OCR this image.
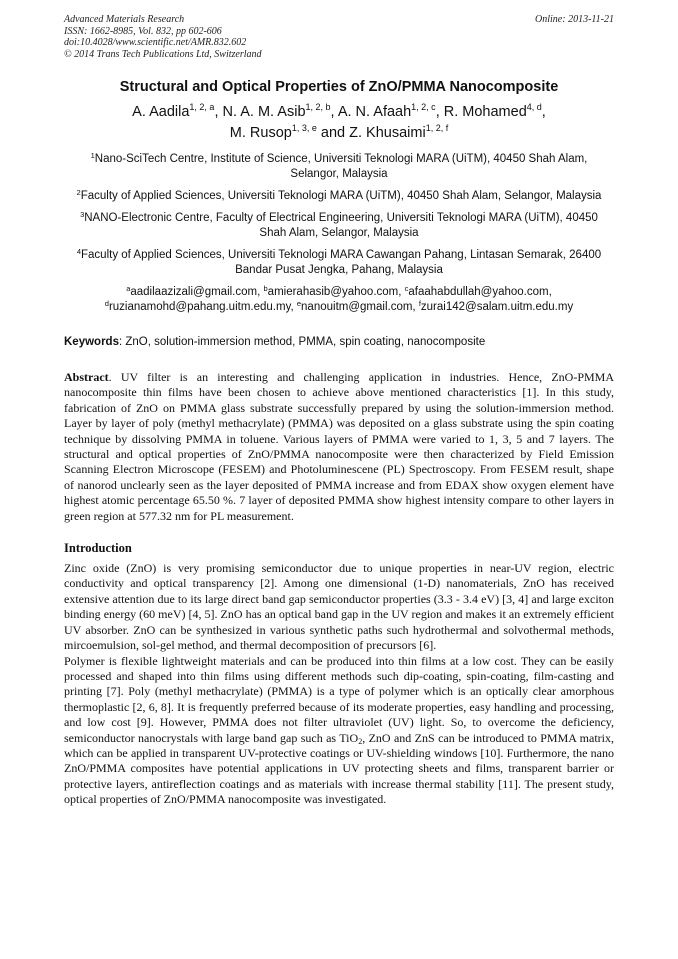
Advanced Materials Research
ISSN: 1662-8985, Vol. 832, pp 602-606
doi:10.4028/www.scientific.net/AMR.832.602
© 2014 Trans Tech Publications Ltd, Switzerland
Online: 2013-11-21
Structural and Optical Properties of ZnO/PMMA Nanocomposite
A. Aadila$^{1, 2, a}$, N. A. M. Asib$^{1, 2, b}$, A. N. Afaah$^{1, 2, c}$, R. Mohamed$^{4, d}$,
M. Rusop$^{1, 3, e}$ and Z. Khusaimi$^{1, 2, f}$
$^1$Nano-SciTech Centre, Institute of Science, Universiti Teknologi MARA (UiTM), 40450 Shah Alam, Selangor, Malaysia
$^2$Faculty of Applied Sciences, Universiti Teknologi MARA (UiTM), 40450 Shah Alam, Selangor, Malaysia
$^3$NANO-Electronic Centre, Faculty of Electrical Engineering, Universiti Teknologi MARA (UiTM), 40450 Shah Alam, Selangor, Malaysia
$^4$Faculty of Applied Sciences, Universiti Teknologi MARA Cawangan Pahang, Lintasan Semarak, 26400 Bandar Pusat Jengka, Pahang, Malaysia
$^a$aadilaazizali@gmail.com, $^b$amierahasib@yahoo.com, $^c$afaahabdullah@yahoo.com,
$^d$ruzianamohd@pahang.uitm.edu.my, $^e$nanouitm@gmail.com, $^f$zurai142@salam.uitm.edu.my
Keywords: ZnO, solution-immersion method, PMMA, spin coating, nanocomposite
Abstract. UV filter is an interesting and challenging application in industries. Hence, ZnO-PMMA nanocomposite thin films have been chosen to achieve above mentioned characteristics [1]. In this study, fabrication of ZnO on PMMA glass substrate successfully prepared by using the solution-immersion method. Layer by layer of poly (methyl methacrylate) (PMMA) was deposited on a glass substrate using the spin coating technique by dissolving PMMA in toluene. Various layers of PMMA were varied to 1, 3, 5 and 7 layers. The structural and optical properties of ZnO/PMMA nanocomposite were then characterized by Field Emission Scanning Electron Microscope (FESEM) and Photoluminescene (PL) Spectroscopy. From FESEM result, shape of nanorod unclearly seen as the layer deposited of PMMA increase and from EDAX show oxygen element have highest atomic percentage 65.50 %. 7 layer of deposited PMMA show highest intensity compare to other layers in green region at 577.32 nm for PL measurement.
Introduction

Zinc oxide (ZnO) is very promising semiconductor due to unique properties in near-UV region, electric conductivity and optical transparency [2]. Among one dimensional (1-D) nanomaterials, ZnO has received extensive attention due to its large direct band gap semiconductor properties (3.3 - 3.4 eV) [3, 4] and large exciton binding energy (60 meV) [4, 5]. ZnO has an optical band gap in the UV region and makes it an extremely efficient UV absorber. ZnO can be synthesized in various synthetic paths such hydrothermal and solvothermal methods, mircoemulsion, sol-gel method, and thermal decomposition of precursors [6].

Polymer is flexible lightweight materials and can be produced into thin films at a low cost. They can be easily processed and shaped into thin films using different methods such dip-coating, spin-coating, film-casting and printing [7]. Poly (methyl methacrylate) (PMMA) is a type of polymer which is an optically clear amorphous thermoplastic [2, 6, 8]. It is frequently preferred because of its moderate properties, easy handling and processing, and low cost [9]. However, PMMA does not filter ultraviolet (UV) light. So, to overcome the deficiency, semiconductor nanocrystals with large band gap such as TiO$_2$, ZnO and ZnS can be introduced to PMMA matrix, which can be applied in transparent UV-protective coatings or UV-shielding windows [10]. Furthermore, the nano ZnO/PMMA composites have potential applications in UV protecting sheets and films, transparent barrier or protective layers, antireflection coatings and as materials with increase thermal stability [11]. The present study, optical properties of ZnO/PMMA nanocomposite was investigated.
